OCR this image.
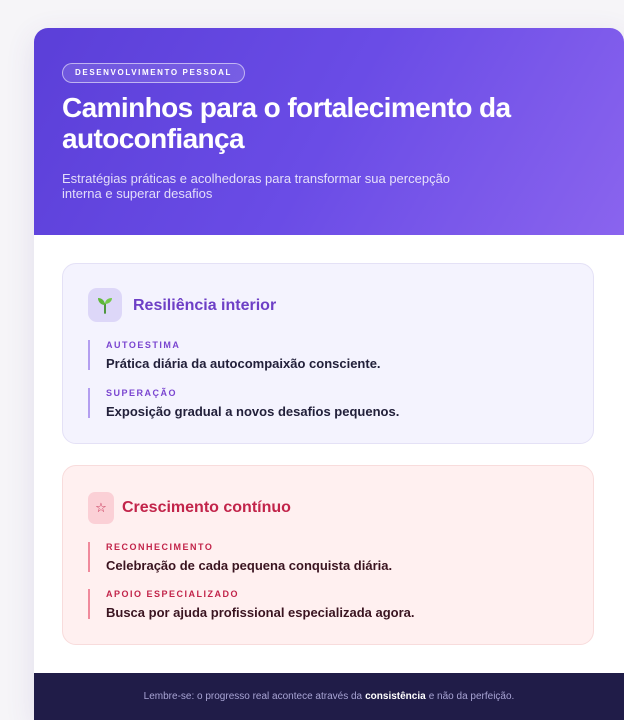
DESENVOLVIMENTO PESSOAL
Caminhos para o fortalecimento da autoconfiança

Estratégias práticas e acolhedoras para transformar sua percepção interna e superar desafios

Resiliência interior
AUTOESTIMA
Prática diária da autocompaixão consciente.
SUPERAÇÃO
Exposição gradual a novos desafios pequenos.
☆ Crescimento contínuo
RECONHECIMENTO
Celebração de cada pequena conquista diária.
APOIO ESPECIALIZADO
Busca por ajuda profissional especializada agora.
Lembre-se: o progresso real acontece através da consistência e não da perfeição.
